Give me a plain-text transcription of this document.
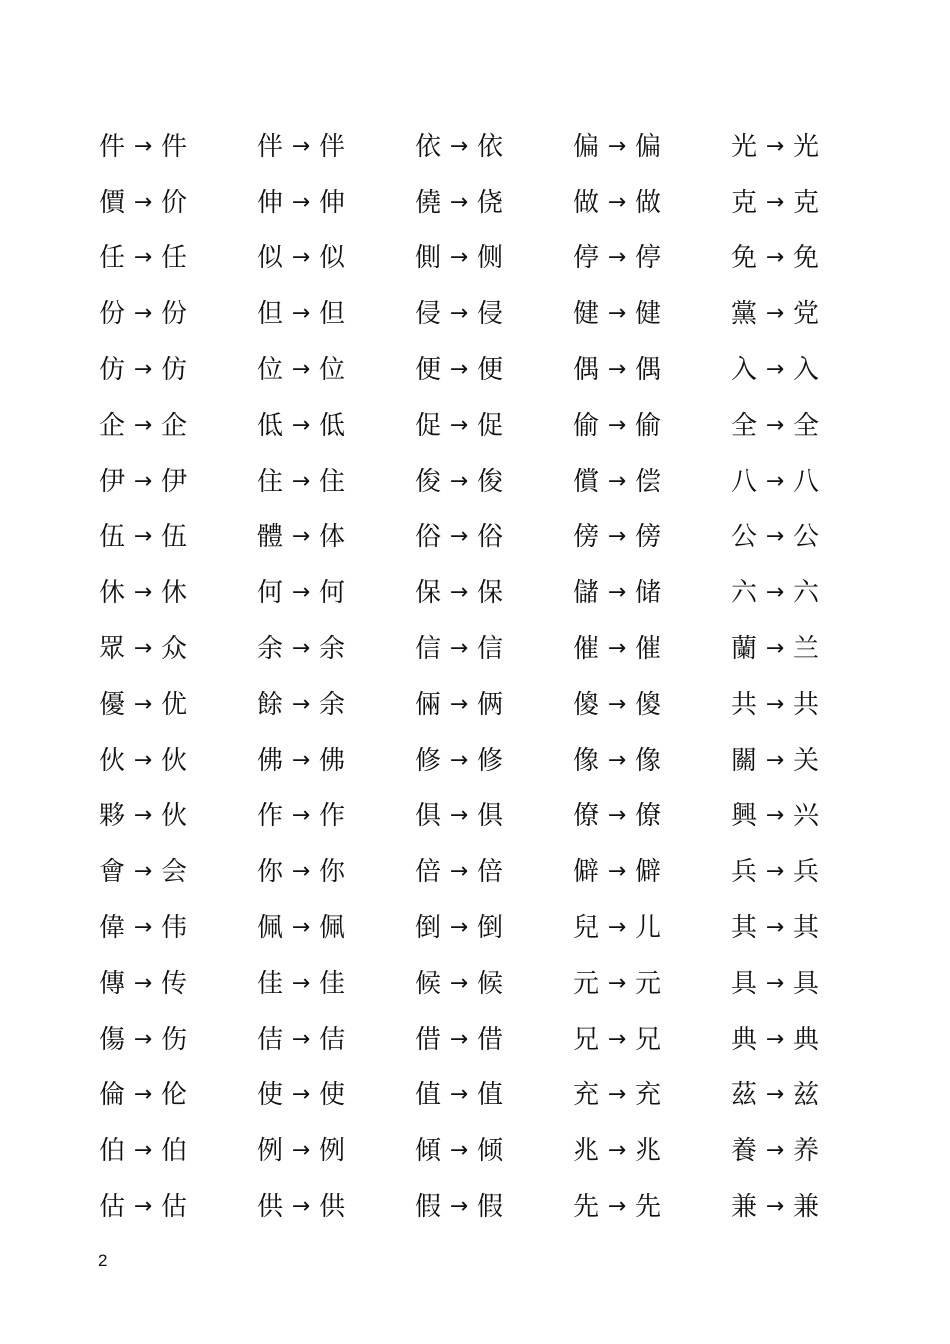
件 → 件	伴 → 伴	依 → 依	偏 → 偏	光 → 光
價 → 价	伸 → 伸	僥 → 侥	做 → 做	克 → 克
任 → 任	似 → 似	側 → 侧	停 → 停	免 → 免
份 → 份	但 → 但	侵 → 侵	健 → 健	黨 → 党
仿 → 仿	位 → 位	便 → 便	偶 → 偶	入 → 入
企 → 企	低 → 低	促 → 促	偷 → 偷	全 → 全
伊 → 伊	住 → 住	俊 → 俊	償 → 偿	八 → 八
伍 → 伍	體 → 体	俗 → 俗	傍 → 傍	公 → 公
休 → 休	何 → 何	保 → 保	儲 → 储	六 → 六
眾 → 众	余 → 余	信 → 信	催 → 催	蘭 → 兰
優 → 优	餘 → 余	倆 → 俩	傻 → 傻	共 → 共
伙 → 伙	佛 → 佛	修 → 修	像 → 像	關 → 关
夥 → 伙	作 → 作	俱 → 俱	僚 → 僚	興 → 兴
會 → 会	你 → 你	倍 → 倍	僻 → 僻	兵 → 兵
偉 → 伟	佩 → 佩	倒 → 倒	兒 → 儿	其 → 其
傳 → 传	佳 → 佳	候 → 候	元 → 元	具 → 具
傷 → 伤	佶 → 佶	借 → 借	兄 → 兄	典 → 典
倫 → 伦	使 → 使	值 → 值	充 → 充	茲 → 兹
伯 → 伯	例 → 例	傾 → 倾	兆 → 兆	養 → 养
估 → 估	供 → 供	假 → 假	先 → 先	兼 → 兼
2
